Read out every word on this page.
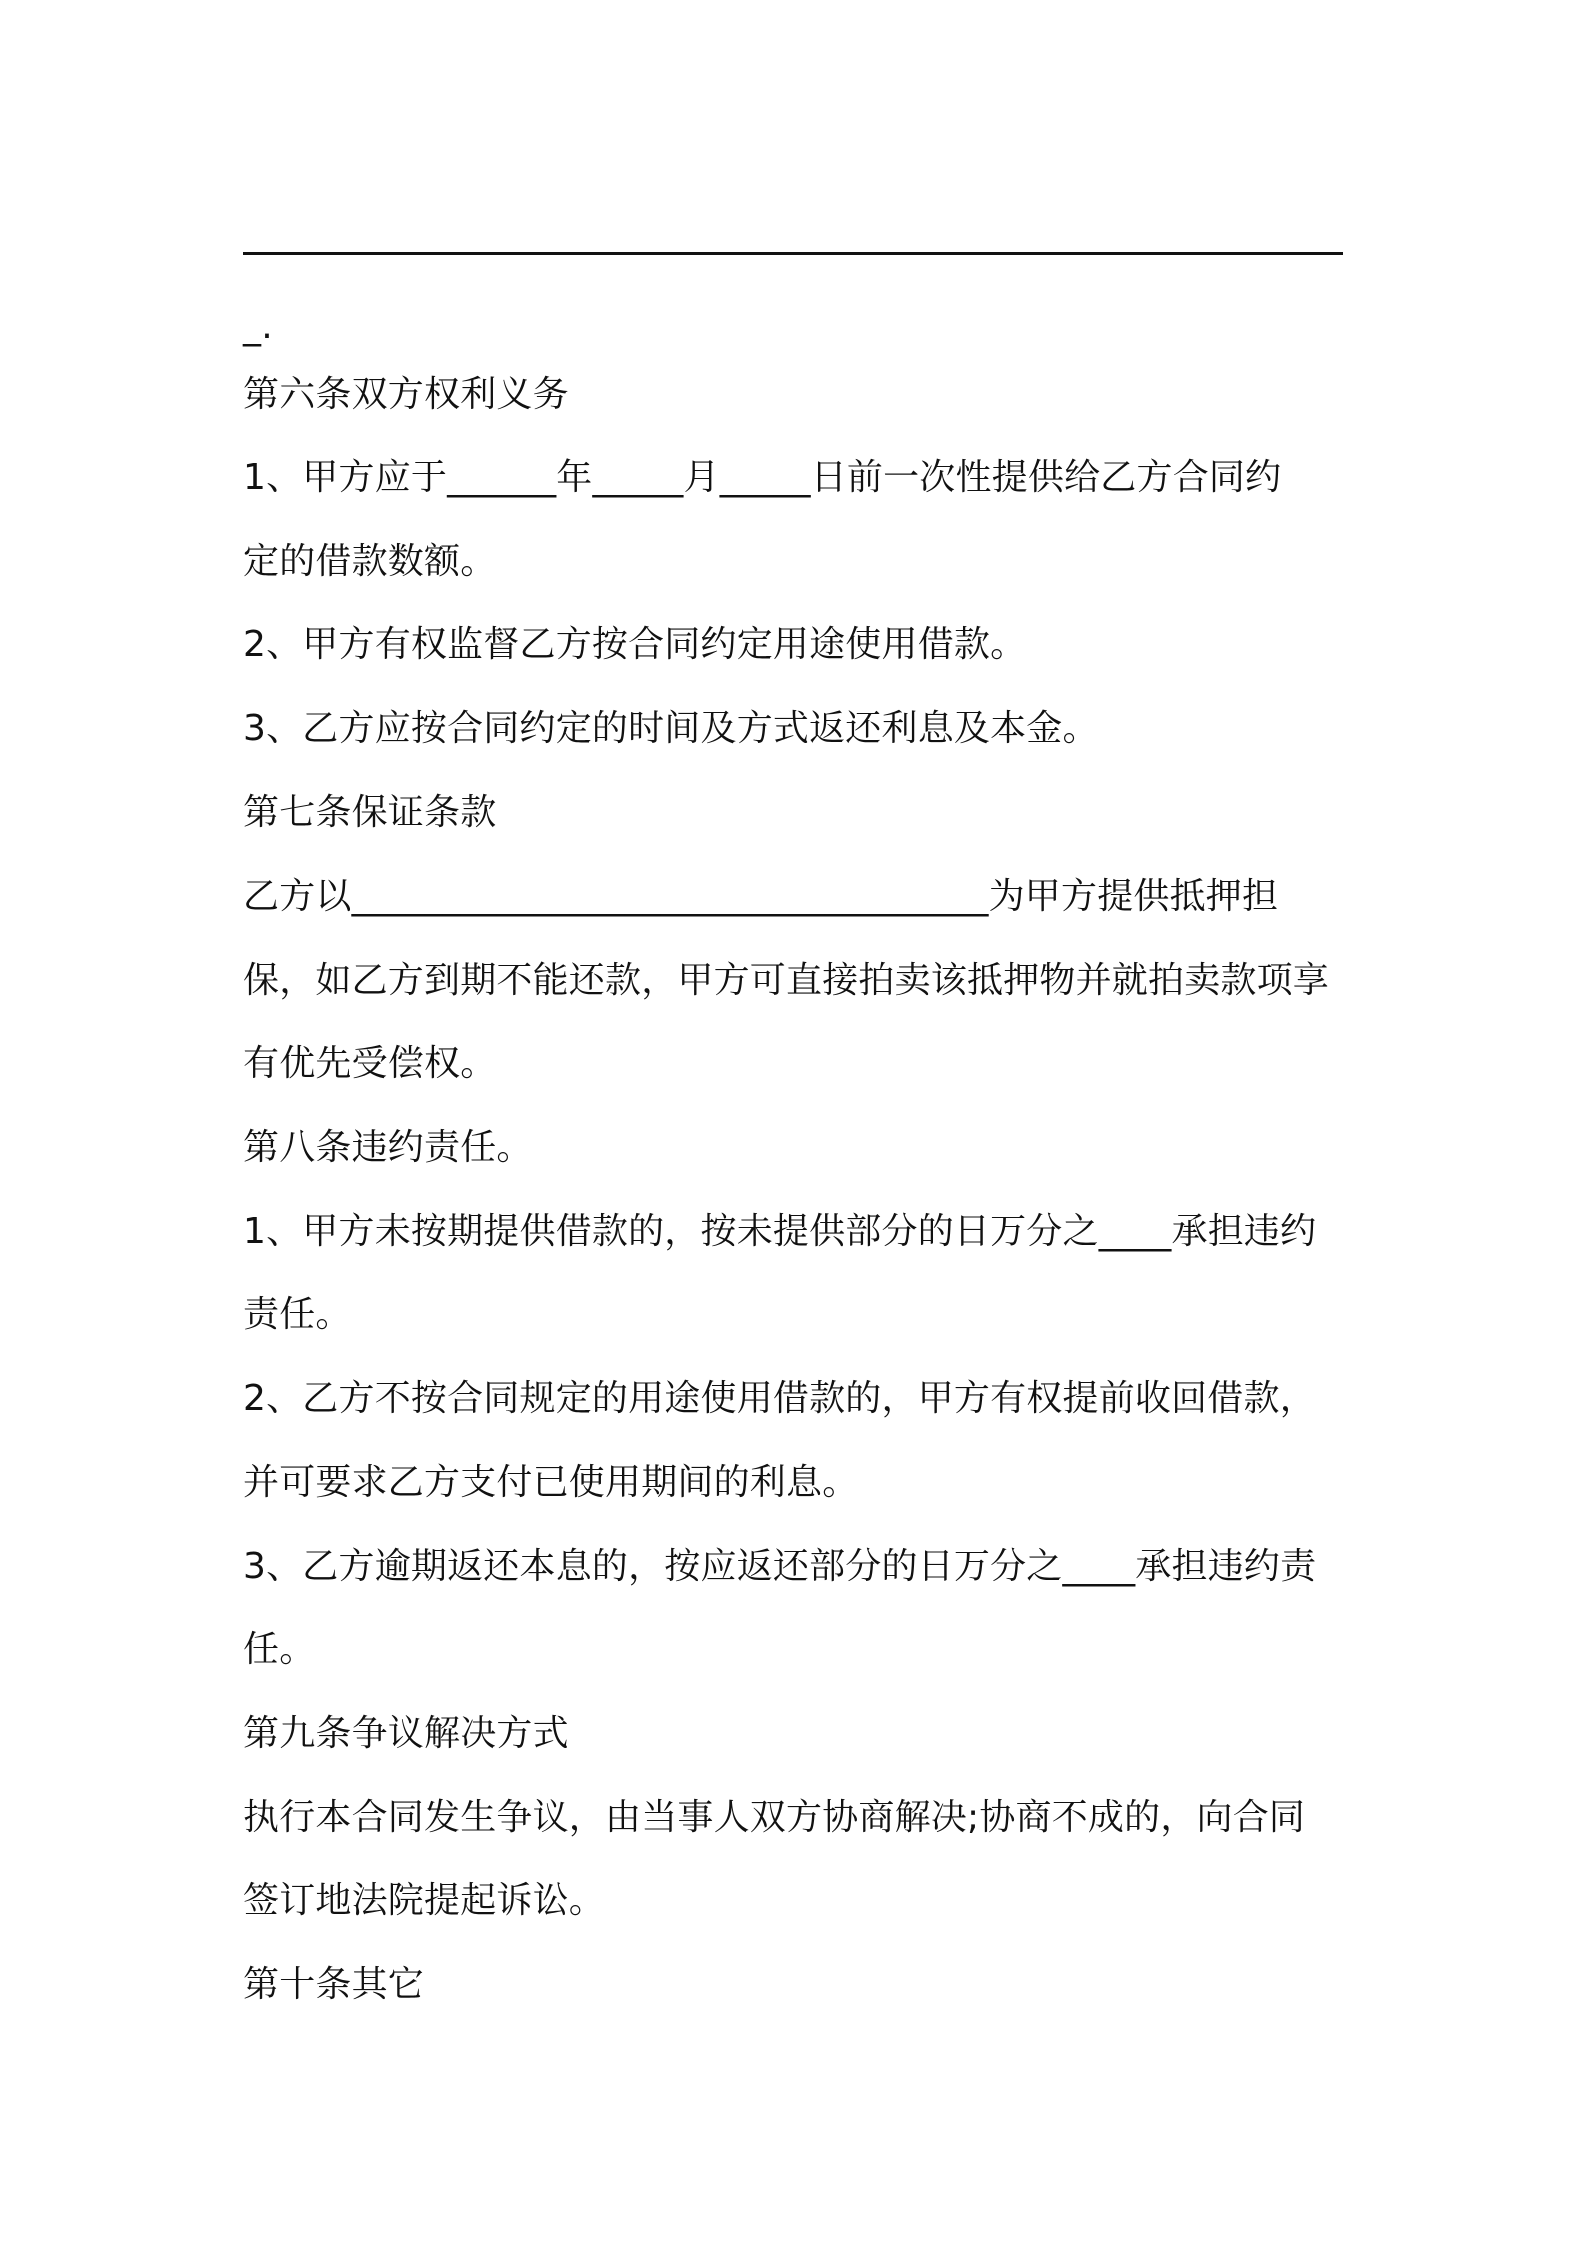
_.
第六条双方权利义务
1、甲方应于______年_____月_____日前一次性提供给乙方合同约
定的借款数额。
2、甲方有权监督乙方按合同约定用途使用借款。
3、乙方应按合同约定的时间及方式返还利息及本金。
第七条保证条款
乙方以___________________________________为甲方提供抵押担
保，如乙方到期不能还款，甲方可直接拍卖该抵押物并就拍卖款项享
有优先受偿权。
第八条违约责任。
1、甲方未按期提供借款的，按未提供部分的日万分之____承担违约
责任。
2、乙方不按合同规定的用途使用借款的，甲方有权提前收回借款，
并可要求乙方支付已使用期间的利息。
3、乙方逾期返还本息的，按应返还部分的日万分之____承担违约责
任。
第九条争议解决方式
执行本合同发生争议，由当事人双方协商解决;协商不成的，向合同
签订地法院提起诉讼。
第十条其它
